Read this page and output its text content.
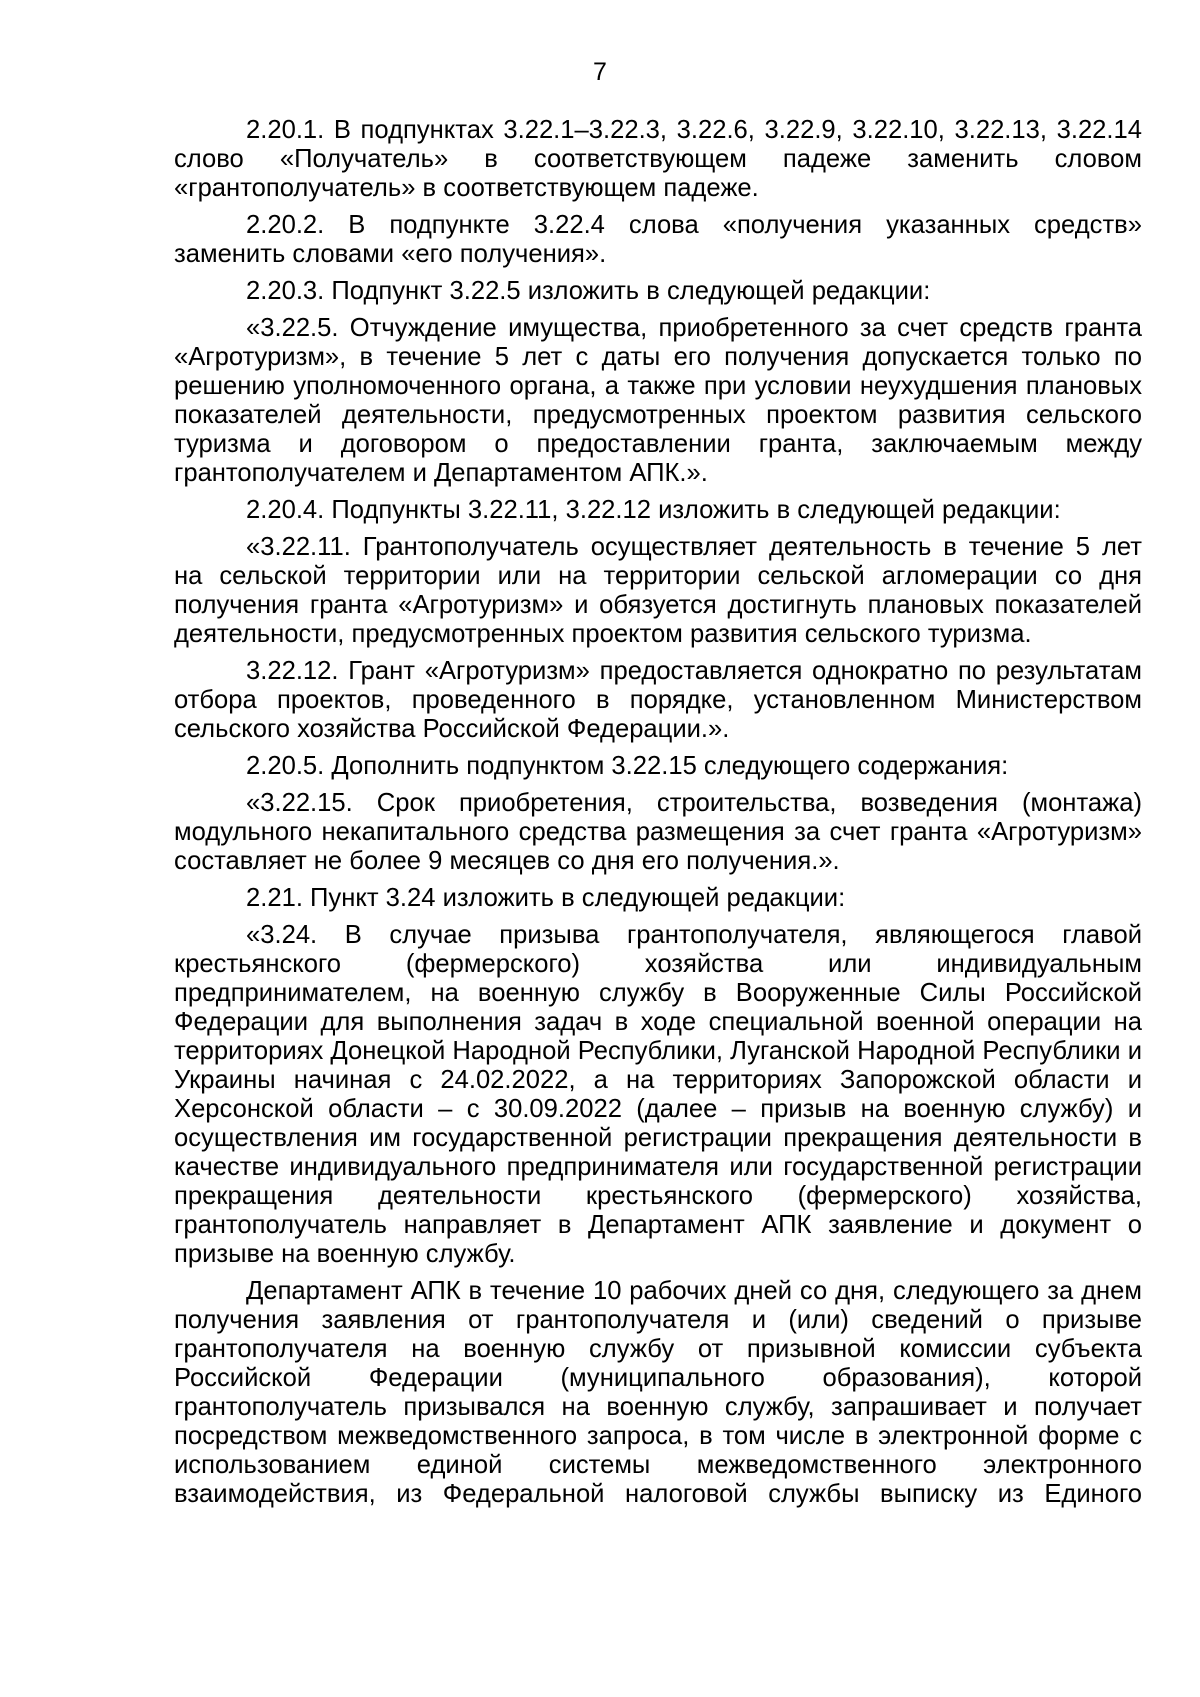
7

2.20.1. В подпунктах 3.22.1–3.22.3, 3.22.6, 3.22.9, 3.22.10, 3.22.13, 3.22.14 слово «Получатель» в соответствующем падеже заменить словом «грантополучатель» в соответствующем падеже.

2.20.2. В подпункте 3.22.4 слова «получения указанных средств» заменить словами «его получения».

2.20.3. Подпункт 3.22.5 изложить в следующей редакции:

«3.22.5. Отчуждение имущества, приобретенного за счет средств гранта «Агротуризм», в течение 5 лет с даты его получения допускается только по решению уполномоченного органа, а также при условии неухудшения плановых показателей деятельности, предусмотренных проектом развития сельского туризма и договором о предоставлении гранта, заключаемым между грантополучателем и Департаментом АПК.».

2.20.4. Подпункты 3.22.11, 3.22.12 изложить в следующей редакции:

«3.22.11. Грантополучатель осуществляет деятельность в течение 5 лет на сельской территории или на территории сельской агломерации со дня получения гранта «Агротуризм» и обязуется достигнуть плановых показателей деятельности, предусмотренных проектом развития сельского туризма.

3.22.12. Грант «Агротуризм» предоставляется однократно по результатам отбора проектов, проведенного в порядке, установленном Министерством сельского хозяйства Российской Федерации.».

2.20.5. Дополнить подпунктом 3.22.15 следующего содержания:

«3.22.15. Срок приобретения, строительства, возведения (монтажа) модульного некапитального средства размещения за счет гранта «Агротуризм» составляет не более 9 месяцев со дня его получения.».

2.21. Пункт 3.24 изложить в следующей редакции:

«3.24. В случае призыва грантополучателя, являющегося главой крестьянского (фермерского) хозяйства или индивидуальным предпринимателем, на военную службу в Вооруженные Силы Российской Федерации для выполнения задач в ходе специальной военной операции на территориях Донецкой Народной Республики, Луганской Народной Республики и Украины начиная с 24.02.2022, а на территориях Запорожской области и Херсонской области – с 30.09.2022 (далее – призыв на военную службу) и осуществления им государственной регистрации прекращения деятельности в качестве индивидуального предпринимателя или государственной регистрации прекращения деятельности крестьянского (фермерского) хозяйства, грантополучатель направляет в Департамент АПК заявление и документ о призыве на военную службу.

Департамент АПК в течение 10 рабочих дней со дня, следующего за днем получения заявления от грантополучателя и (или) сведений о призыве грантополучателя на военную службу от призывной комиссии субъекта Российской Федерации (муниципального образования), которой грантополучатель призывался на военную службу, запрашивает и получает посредством межведомственного запроса, в том числе в электронной форме с использованием единой системы межведомственного электронного взаимодействия, из Федеральной налоговой службы выписку из Единого
